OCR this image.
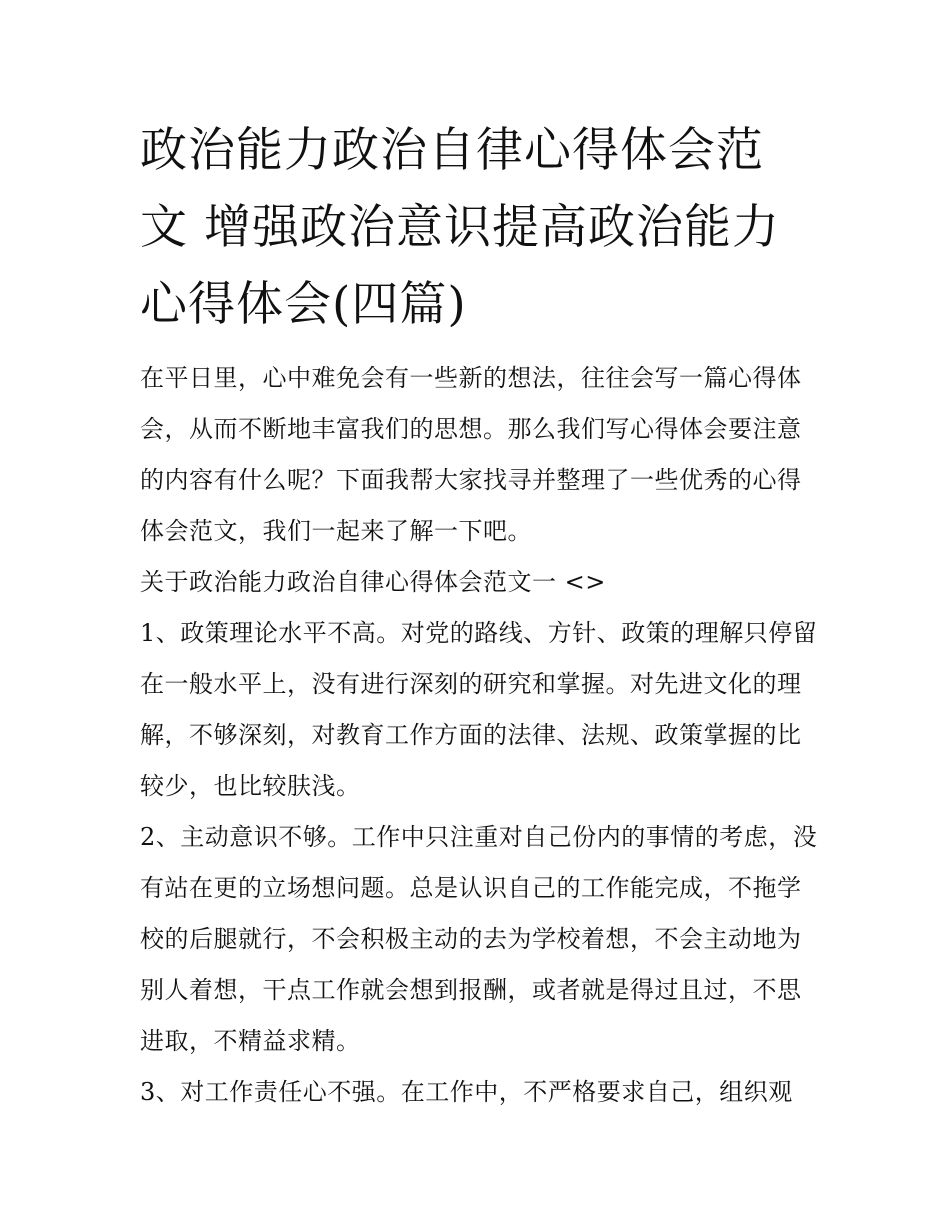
政治能力政治自律心得体会范
文 增强政治意识提高政治能力
心得体会(四篇)

在平日里，心中难免会有一些新的想法，往往会写一篇心得体会，从而不断地丰富我们的思想。那么我们写心得体会要注意的内容有什么呢？下面我帮大家找寻并整理了一些优秀的心得体会范文，我们一起来了解一下吧。

关于政治能力政治自律心得体会范文一 <>

1、政策理论水平不高。对党的路线、方针、政策的理解只停留在一般水平上，没有进行深刻的研究和掌握。对先进文化的理解，不够深刻，对教育工作方面的法律、法规、政策掌握的比较少，也比较肤浅。

2、主动意识不够。工作中只注重对自己份内的事情的考虑，没有站在更的立场想问题。总是认识自己的工作能完成，不拖学校的后腿就行，不会积极主动的去为学校着想，不会主动地为别人着想，干点工作就会想到报酬，或者就是得过且过，不思进取，不精益求精。

3、对工作责任心不强。在工作中，不严格要求自己，组织观
